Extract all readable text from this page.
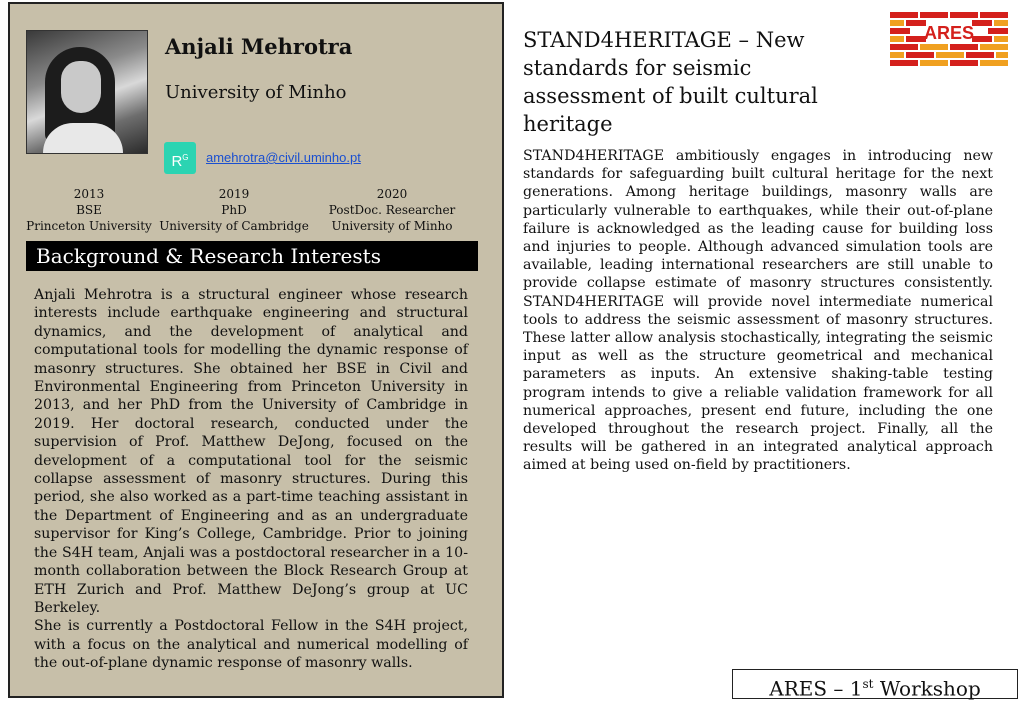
Anjali Mehrotra
University of Minho
$R^G$	amehrotra@civil.uminho.pt
2013
BSE
Princeton University
2019
PhD
University of Cambridge
2020
PostDoc. Researcher
University of Minho
Background & Research Interests

Anjali Mehrotra is a structural engineer whose research interests include earthquake engineering and structural dynamics, and the development of analytical and computational tools for modelling the dynamic response of masonry structures. She obtained her BSE in Civil and Environmental Engineering from Princeton University in 2013, and her PhD from the University of Cambridge in 2019. Her doctoral research, conducted under the supervision of Prof. Matthew DeJong, focused on the development of a computational tool for the seismic collapse assessment of masonry structures. During this period, she also worked as a part-time teaching assistant in the Department of Engineering and as an undergraduate supervisor for King’s College, Cambridge. Prior to joining the S4H team, Anjali was a postdoctoral researcher in a 10-month collaboration between the Block Research Group at ETH Zurich and Prof. Matthew DeJong’s group at UC Berkeley.

She is currently a Postdoctoral Fellow in the S4H project, with a focus on the analytical and numerical modelling of the out-of-plane dynamic response of masonry walls.

STAND4HERITAGE – New standards for seismic assessment of built cultural heritage
ARES

STAND4HERITAGE ambitiously engages in introducing new standards for safeguarding built cultural heritage for the next generations. Among heritage buildings, masonry walls are particularly vulnerable to earthquakes, while their out-of-plane failure is acknowledged as the leading cause for building loss and injuries to people. Although advanced simulation tools are available, leading international researchers are still unable to provide collapse estimate of masonry structures consistently. STAND4HERITAGE will provide novel intermediate numerical tools to address the seismic assessment of masonry structures. These latter allow analysis stochastically, integrating the seismic input as well as the structure geometrical and mechanical parameters as inputs. An extensive shaking-table testing program intends to give a reliable validation framework for all numerical approaches, present end future, including the one developed throughout the research project. Finally, all the results will be gathered in an integrated analytical approach aimed at being used on-field by practitioners.

ARES – 1st Workshop
